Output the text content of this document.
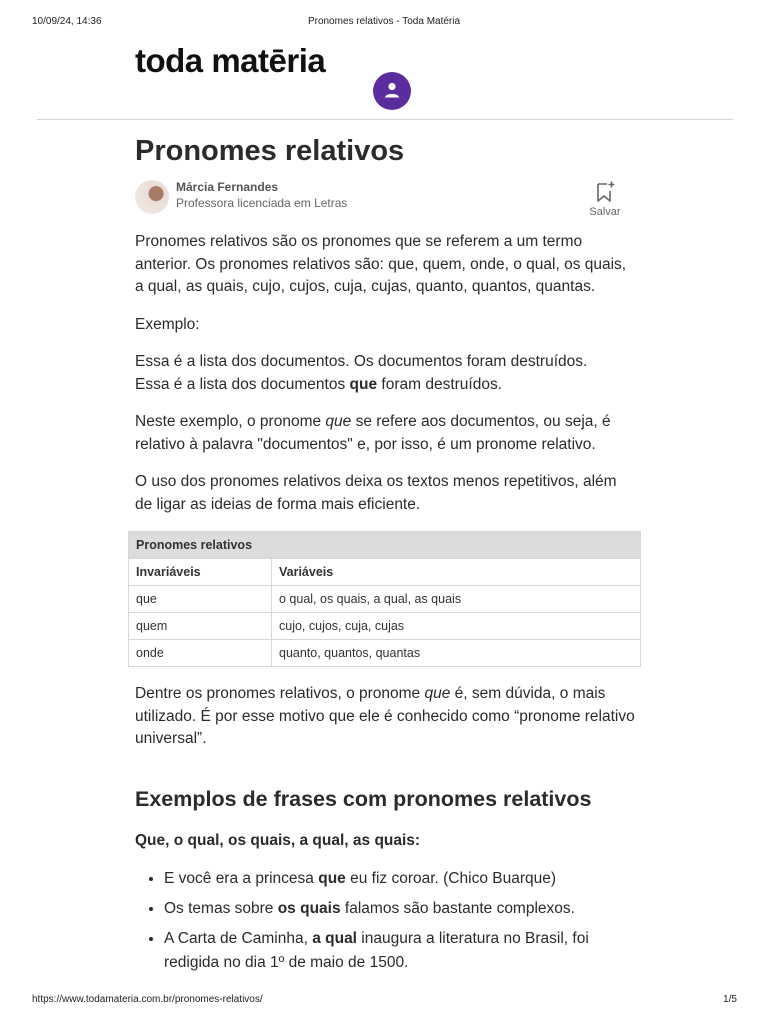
10/09/24, 14:36	Pronomes relativos - Toda Matéria
toda matēria
Pronomes relativos
Márcia Fernandes
Professora licenciada em Letras
Salvar

Pronomes relativos são os pronomes que se referem a um termo anterior. Os pronomes relativos são: que, quem, onde, o qual, os quais, a qual, as quais, cujo, cujos, cuja, cujas, quanto, quantos, quantas.

Exemplo:

Essa é a lista dos documentos. Os documentos foram destruídos.
Essa é a lista dos documentos que foram destruídos.

Neste exemplo, o pronome que se refere aos documentos, ou seja, é relativo à palavra "documentos" e, por isso, é um pronome relativo.

O uso dos pronomes relativos deixa os textos menos repetitivos, além de ligar as ideias de forma mais eficiente.

Pronomes relativos	
Invariáveis	Variáveis
que	o qual, os quais, a qual, as quais
quem	cujo, cujos, cuja, cujas
onde	quanto, quantos, quantas

Dentre os pronomes relativos, o pronome que é, sem dúvida, o mais utilizado. É por esse motivo que ele é conhecido como “pronome relativo universal”.

Exemplos de frases com pronomes relativos
Que, o qual, os quais, a qual, as quais:
• E você era a princesa que eu fiz coroar. (Chico Buarque)
• Os temas sobre os quais falamos são bastante complexos.
• A Carta de Caminha, a qual inaugura a literatura no Brasil, foi redigida no dia 1º de maio de 1500.
https://www.todamateria.com.br/pronomes-relativos/	1/5
